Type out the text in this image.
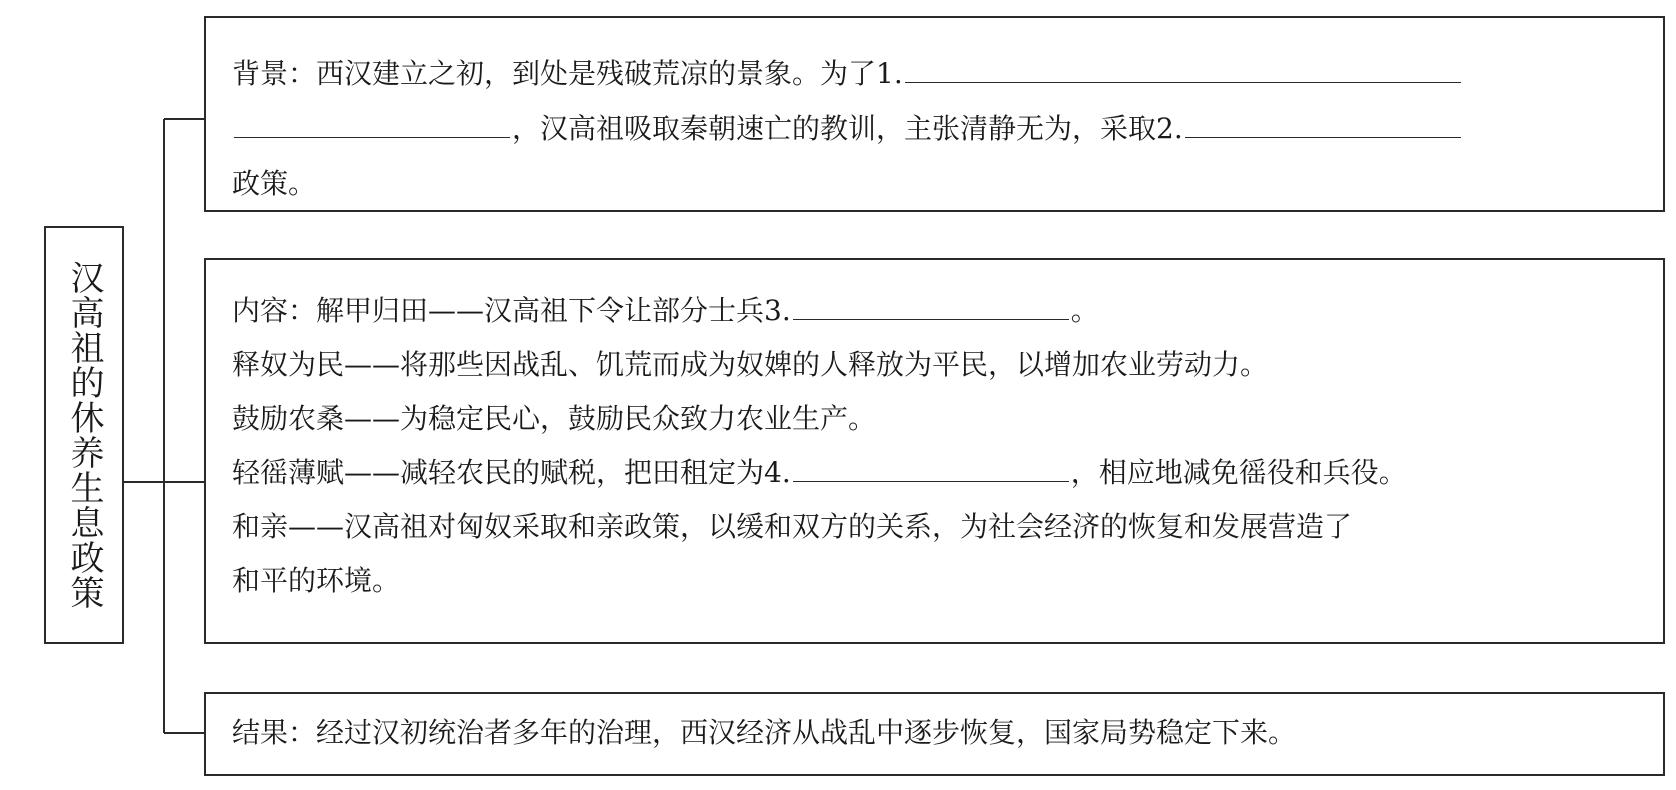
汉高祖的休养生息政策
背景：西汉建立之初，到处是残破荒凉的景象。为了1.
，汉高祖吸取秦朝速亡的教训，主张清静无为，采取2.
政策。
内容：解甲归田——汉高祖下令让部分士兵3.	。
释奴为民——将那些因战乱、饥荒而成为奴婢的人释放为平民，以增加农业劳动力。
鼓励农桑——为稳定民心，鼓励民众致力农业生产。
轻徭薄赋——减轻农民的赋税，把田租定为4.	，相应地减免徭役和兵役。
和亲——汉高祖对匈奴采取和亲政策，以缓和双方的关系，为社会经济的恢复和发展营造了
和平的环境。
结果：经过汉初统治者多年的治理，西汉经济从战乱中逐步恢复，国家局势稳定下来。
